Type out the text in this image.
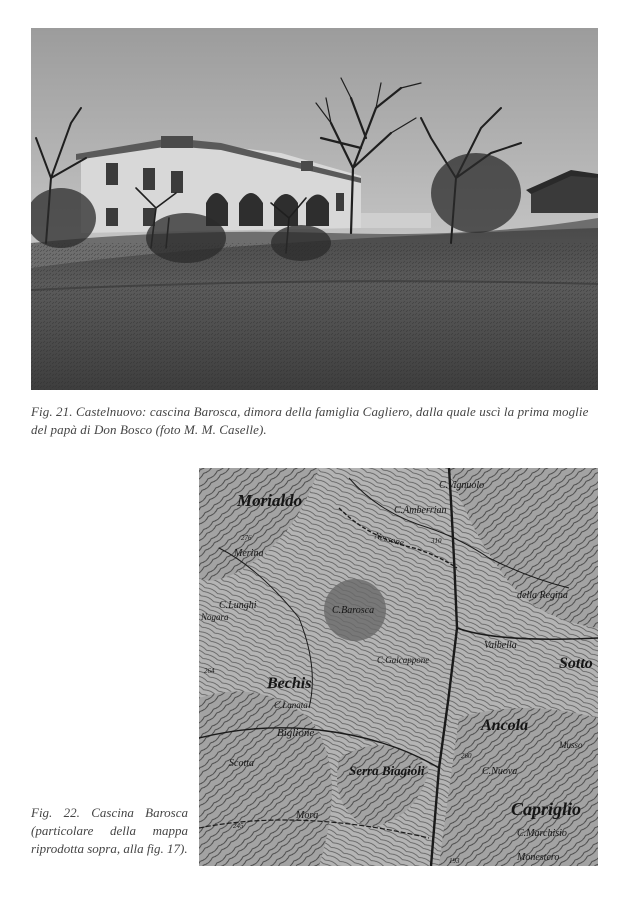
Fig. 21. Castelnuovo: cascina Barosca, dimora della famiglia Cagliero, dalla quale uscì la prima moglie del papà di Don Bosco (foto M. M. Caselle).
Morialdo
C.Vignuolo
C.Amberrian
Nessone
C.Barosca
C.Lunghi
Nogara
Merina
Bechis
Biglione
Scotta
Sotto
Valbella
della Regina
Ancola
Serra Biagioli
Capriglio
C.Marchisio
Monestero
C.Nuova
Musso
Mora
C.Lanata
C.Galcappone
276	310
264
260
245
193
Fig. 22. Cascina Barosca (particolare della mappa riprodotta sopra, alla fig. 17).
